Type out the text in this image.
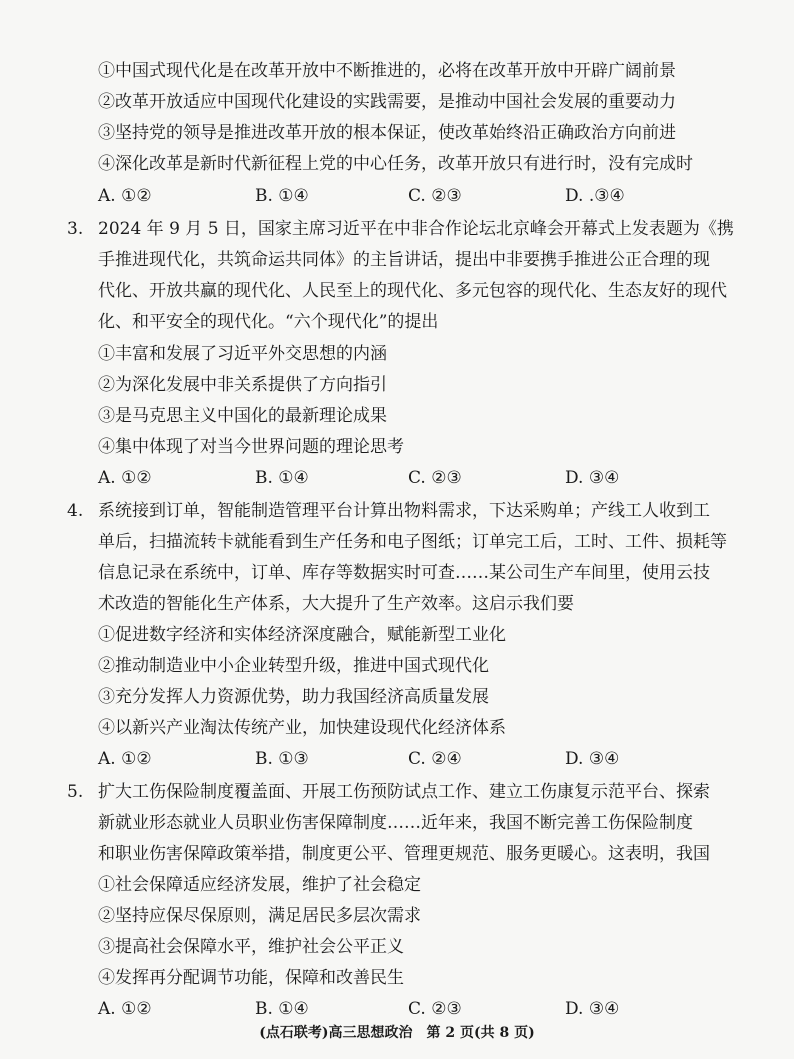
①中国式现代化是在改革开放中不断推进的，必将在改革开放中开辟广阔前景
②改革开放适应中国现代化建设的实践需要，是推动中国社会发展的重要动力
③坚持党的领导是推进改革开放的根本保证，使改革始终沿正确政治方向前进
④深化改革是新时代新征程上党的中心任务，改革开放只有进行时，没有完成时
A. ①②	B. ①④	C. ②③	D. .③④
3. 2024 年 9 月 5 日，国家主席习近平在中非合作论坛北京峰会开幕式上发表题为《携
手推进现代化，共筑命运共同体》的主旨讲话，提出中非要携手推进公正合理的现
代化、开放共赢的现代化、人民至上的现代化、多元包容的现代化、生态友好的现代
化、和平安全的现代化。“六个现代化”的提出
①丰富和发展了习近平外交思想的内涵
②为深化发展中非关系提供了方向指引
③是马克思主义中国化的最新理论成果
④集中体现了对当今世界问题的理论思考
A. ①②	B. ①④	C. ②③	D. ③④
4. 系统接到订单，智能制造管理平台计算出物料需求，下达采购单；产线工人收到工
单后，扫描流转卡就能看到生产任务和电子图纸；订单完工后，工时、工件、损耗等
信息记录在系统中，订单、库存等数据实时可查……某公司生产车间里，使用云技
术改造的智能化生产体系，大大提升了生产效率。这启示我们要
①促进数字经济和实体经济深度融合，赋能新型工业化
②推动制造业中小企业转型升级，推进中国式现代化
③充分发挥人力资源优势，助力我国经济高质量发展
④以新兴产业淘汰传统产业，加快建设现代化经济体系
A. ①②	B. ①③	C. ②④	D. ③④
5. 扩大工伤保险制度覆盖面、开展工伤预防试点工作、建立工伤康复示范平台、探索
新就业形态就业人员职业伤害保障制度……近年来，我国不断完善工伤保险制度
和职业伤害保障政策举措，制度更公平、管理更规范、服务更暖心。这表明，我国
①社会保障适应经济发展，维护了社会稳定
②坚持应保尽保原则，满足居民多层次需求
③提高社会保障水平，维护社会公平正义
④发挥再分配调节功能，保障和改善民生
A. ①②	B. ①④	C. ②③	D. ③④
(点石联考)高三思想政治　第 2 页(共 8 页)
